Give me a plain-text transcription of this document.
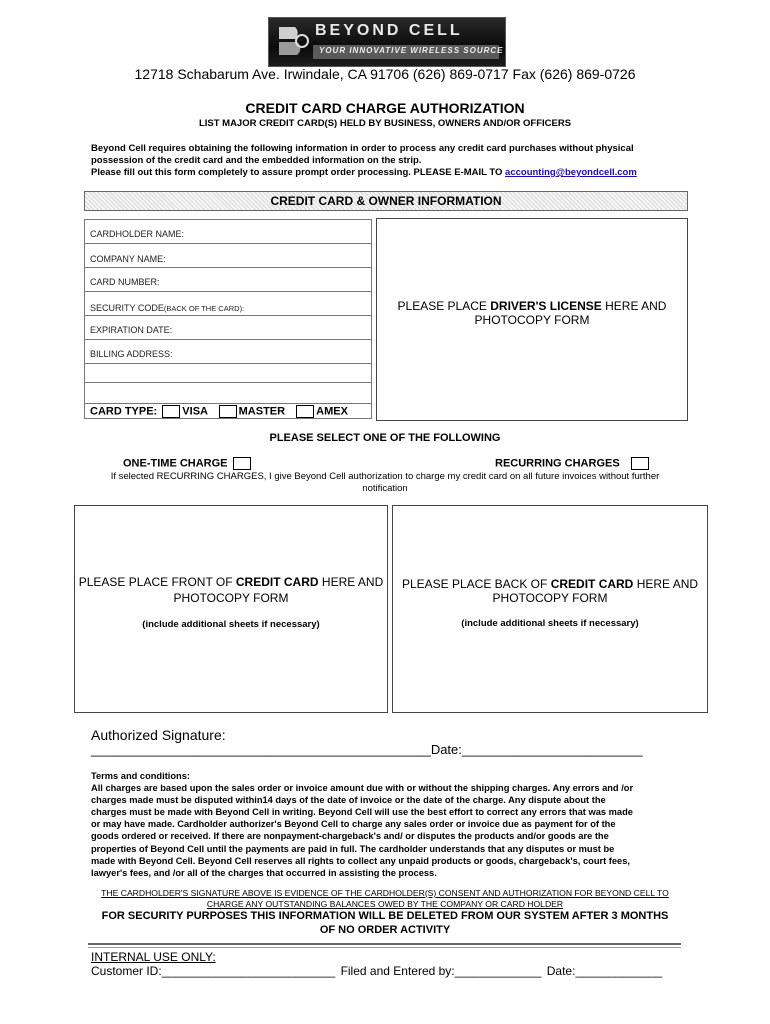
BEYOND CELL
YOUR INNOVATIVE WIRELESS SOURCE
12718 Schabarum Ave. Irwindale, CA 91706 (626) 869-0717 Fax (626) 869-0726
CREDIT CARD CHARGE AUTHORIZATION
LIST MAJOR CREDIT CARD(S) HELD BY BUSINESS, OWNERS AND/OR OFFICERS
Beyond Cell requires obtaining the following information in order to process any credit card purchases without physical
possession of the credit card and the embedded information on the strip.
Please fill out this form completely to assure prompt order processing. PLEASE E-MAIL TO accounting@beyondcell.com
CREDIT CARD & OWNER INFORMATION
CARDHOLDER NAME:
COMPANY NAME:
CARD NUMBER:
SECURITY CODE(BACK OF THE CARD):
EXPIRATION DATE:
BILLING ADDRESS:
CARD TYPE: VISA	MASTER	AMEX
PLEASE PLACE DRIVER'S LICENSE HERE AND
PHOTOCOPY FORM
PLEASE SELECT ONE OF THE FOLLOWING
ONE-TIME CHARGE	RECURRING CHARGES
If selected RECURRING CHARGES, I give Beyond Cell authorization to charge my credit card on all future invoices without further
notification
PLEASE PLACE FRONT OF CREDIT CARD HERE AND
PHOTOCOPY FORM
(include additional sheets if necessary)
PLEASE PLACE BACK OF CREDIT CARD HERE AND
PHOTOCOPY FORM
(include additional sheets if necessary)
Authorized Signature:
_______________________________________________Date:_________________________
Terms and conditions:
All charges are based upon the sales order or invoice amount due with or without the shipping charges. Any errors and /or
charges made must be disputed within14 days of the date of invoice or the date of the charge. Any dispute about the
charges must be made with Beyond Cell in writing. Beyond Cell will use the best effort to correct any errors that was made
or may have made. Cardholder authorizer's Beyond Cell to charge any sales order or invoice due as payment for of the
goods ordered or received. If there are nonpayment-chargeback's and/ or disputes the products and/or goods are the
properties of Beyond Cell until the payments are paid in full. The cardholder understands that any disputes or must be
made with Beyond Cell. Beyond Cell reserves all rights to collect any unpaid products or goods, chargeback's, court fees,
lawyer's fees, and /or all of the charges that occurred in assisting the process.
THE CARDHOLDER'S SIGNATURE ABOVE IS EVIDENCE OF THE CARDHOLDER(S) CONSENT AND AUTHORIZATION FOR BEYOND CELL TO
CHARGE ANY OUTSTANDING BALANCES OWED BY THE COMPANY OR CARD HOLDER
FOR SECURITY PURPOSES THIS INFORMATION WILL BE DELETED FROM OUR SYSTEM AFTER 3 MONTHS
OF NO ORDER ACTIVITY
INTERNAL USE ONLY:
Customer ID:__________________________ Filed and Entered by:_____________ Date:_____________
